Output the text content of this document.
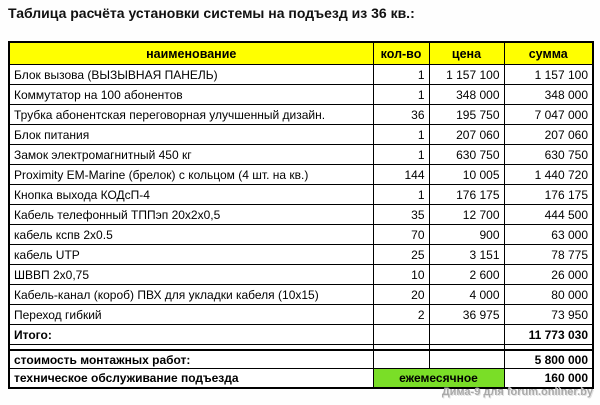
Таблица расчёта установки системы на подъезд из 36 кв.:
наименование	кол-во	цена	сумма
Блок вызова (ВЫЗЫВНАЯ ПАНЕЛЬ)	1	1 157 100	1 157 100
Коммутатор на 100 абонентов	1	348 000	348 000
Трубка абонентская переговорная улучшенный дизайн.	36	195 750	7 047 000
Блок питания	1	207 060	207 060
Замок электромагнитный 450 кг	1	630 750	630 750
Proximity EM-Marine (брелок) с кольцом (4 шт. на кв.)	144	10 005	1 440 720
Кнопка выхода КОДсП-4	1	176 175	176 175
Кабель телефонный ТППэп 20х2х0,5	35	12 700	444 500
кабель кспв 2х0.5	70	900	63 000
кабель UTP	25	3 151	78 775
ШВВП 2х0,75	10	2 600	26 000
Кабель-канал (короб) ПВХ для укладки кабеля (10х15)	20	4 000	80 000
Переход гибкий	2	36 975	73 950
Итого:			11 773 030

стоимость монтажных работ:			5 800 000
техническое обслуживание подъезда	ежемесячное		160 000
Дима-9 для forum.onliner.by
